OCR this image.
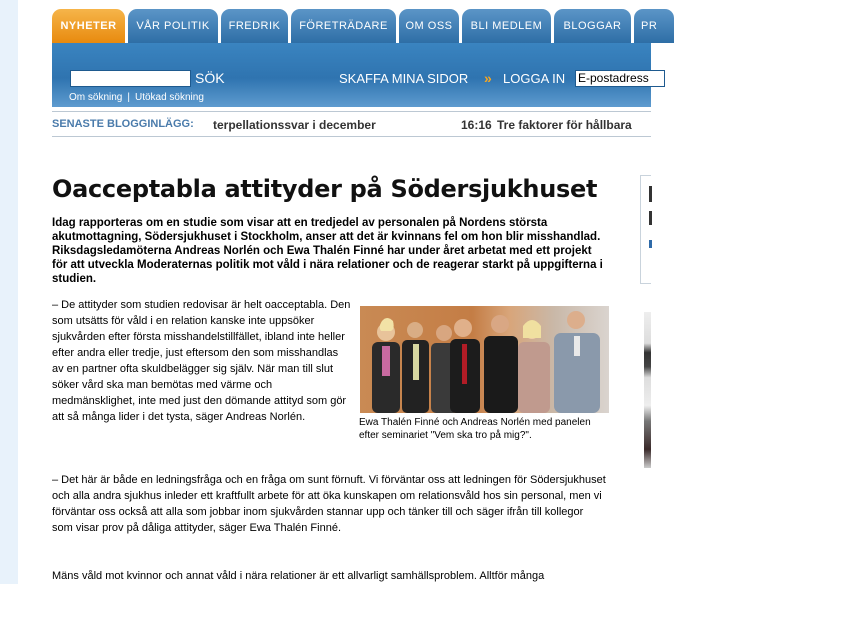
NYHETER	VÅR POLITIK	FREDRIK	FÖRETRÄDARE	OM OSS	BLI MEDLEM	BLOGGAR	PR
SÖK
Om sökning | Utökad sökning
SKAFFA MINA SIDOR » LOGGA IN E-postadress
SENASTE BLOGGINLÄGG: terpellationssvar i december	16:16 Tre faktorer för hållbara
Oacceptabla attityder på Södersjukhuset

Idag rapporteras om en studie som visar att en tredjedel av personalen på Nordens största akutmottagning, Södersjukhuset i Stockholm, anser att det är kvinnans fel om hon blir misshandlad. Riksdagsledamöterna Andreas Norlén och Ewa Thalén Finné har under året arbetat med ett projekt för att utveckla Moderaternas politik mot våld i nära relationer och de reagerar starkt på uppgifterna i studien.

– De attityder som studien redovisar är helt oacceptabla. Den som utsätts för våld i en relation kanske inte uppsöker sjukvården efter första misshandelstillfället, ibland inte heller efter andra eller tredje, just eftersom den som misshandlas av en partner ofta skuldbelägger sig själv. När man till slut söker vård ska man bemötas med värme och medmänsklighet, inte med just den dömande attityd som gör att så många lider i det tysta, säger Andreas Norlén.	Ewa Thalén Finné och Andreas Norlén med panelen efter seminariet "Vem ska tro på mig?".

– Det här är både en ledningsfråga och en fråga om sunt förnuft. Vi förväntar oss att ledningen för Södersjukhuset och alla andra sjukhus inleder ett kraftfullt arbete för att öka kunskapen om relationsvåld hos sin personal, men vi förväntar oss också att alla som jobbar inom sjukvården stannar upp och tänker till och säger ifrån till kollegor som visar prov på dåliga attityder, säger Ewa Thalén Finné.

Mäns våld mot kvinnor och annat våld i nära relationer är ett allvarligt samhällsproblem. Alltför många
